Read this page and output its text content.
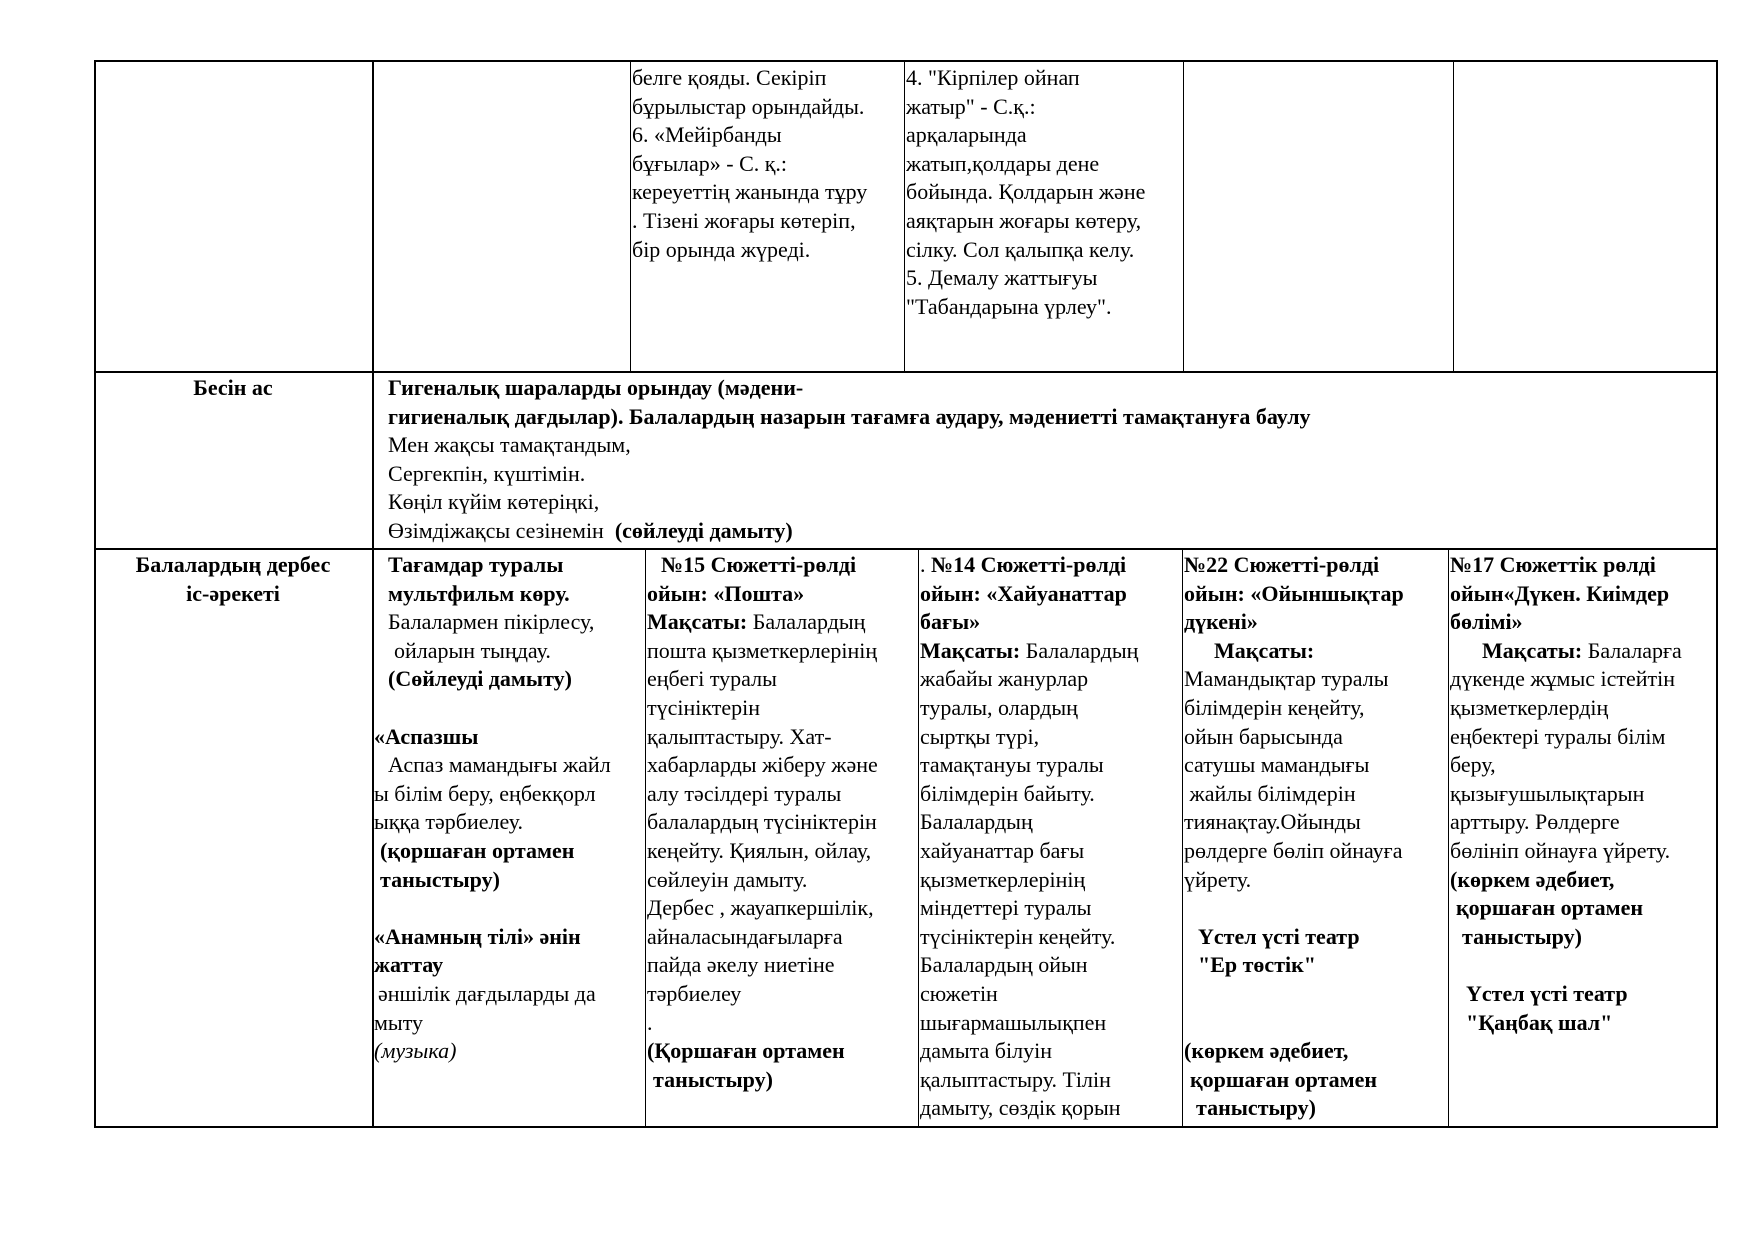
белге қояды. Секіріп
бұрылыстар орындайды.
6. «Мейірбанды
бұғылар» - С. қ.:
кереуеттің жанында тұру
. Тізені жоғары көтеріп,
бір орында жүреді.
4. "Кірпілер ойнап
жатыр" - С.қ.:
арқаларында
жатып,қолдары дене
бойында. Қолдарын және
аяқтарын жоғары көтеру,
сілку. Сол қалыпқа келу.
5. Демалу жаттығуы
"Табандарына үрлеу".
Бесін ас	Гигеналық шараларды орындау (мәдени-
гигиеналық дағдылар). Балалардың назарын тағамға аудару, мәдениетті тамақтануға баулу
Мен жақсы тамақтандым,
Сергекпін, күштімін.
Көңіл күйім көтеріңкі,
Өзімдіжақсы сезінемін  (сөйлеуді дамыту)
Балалардың дербес
іс-әрекеті
Тағамдар туралы
мультфильм көру.
Балалармен пікірлесу,
ойларын тыңдау.
(Сөйлеуді дамыту)
«Аспазшы
Аспаз мамандығы жайл
ы білім беру, еңбекқорл
ыққа тәрбиелеу.
(қоршаған ортамен
таныстыру)
«Анамның тілі» әнін
жаттау
әншілік дағдыларды да
мыту
(музыка)
№15 Сюжетті-рөлді
ойын: «Пошта»
Мақсаты: Балалардың
пошта қызметкерлерінің
еңбегі туралы
түсініктерін
қалыптастыру. Хат-
хабарларды жіберу және
алу тәсілдері туралы
балалардың түсініктерін
кеңейту. Қиялын, ойлау,
сөйлеуін дамыту.
Дербес , жауапкершілік,
айналасындағыларға
пайда әкелу ниетіне
тәрбиелеу
.
(Қоршаған ортамен
таныстыру)
. №14 Сюжетті-рөлді
ойын: «Хайуанаттар
бағы»
Мақсаты: Балалардың
жабайы жанурлар
туралы, олардың
сыртқы түрі,
тамақтануы туралы
білімдерін байыту.
Балалардың
хайуанаттар бағы
қызметкерлерінің
міндеттері туралы
түсініктерін кеңейту.
Балалардың ойын
сюжетін
шығармашылықпен
дамыта білуін
қалыптастыру. Тілін
дамыту, сөздік қорын
№22 Сюжетті-рөлді
ойын: «Ойыншықтар
дүкені»
Мақсаты:
Мамандықтар туралы
білімдерін кеңейту,
ойын барысында
сатушы мамандығы
жайлы білімдерін
тиянақтау.Ойынды
рөлдерге бөліп ойнауға
үйрету.
Үстел үсті театр
"Ер төстік"
(көркем әдебиет,
қоршаған ортамен
таныстыру)
№17 Сюжеттік рөлді
ойын«Дүкен. Киімдер
бөлімі»
Мақсаты: Балаларға
дүкенде жұмыс істейтін
қызметкерлердің
еңбектері туралы білім
беру,
қызығушылықтарын
арттыру. Рөлдерге
бөлініп ойнауға үйрету.
(көркем әдебиет,
қоршаған ортамен
таныстыру)
Үстел үсті театр
"Қаңбақ шал"
